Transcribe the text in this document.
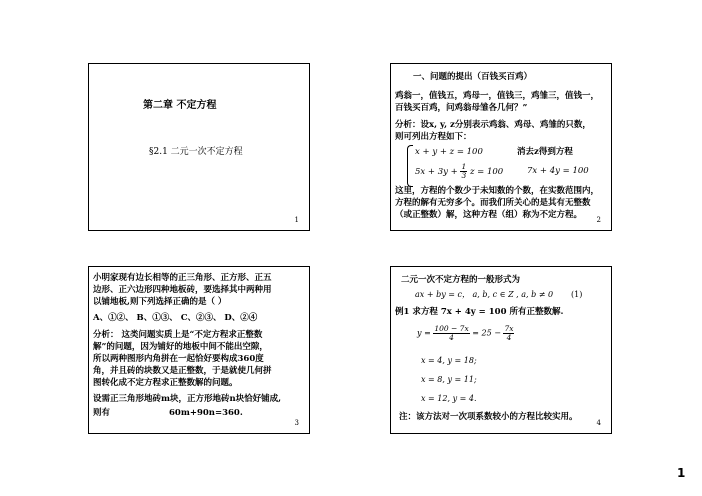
第二章 不定方程
§2.1 二元一次不定方程
1
一、问题的提出（百钱买百鸡）
鸡翁一，值钱五，鸡母一，值钱三，鸡雏三，值钱一，
百钱买百鸡，问鸡翁母雏各几何？”
分析：设x, y, z分别表示鸡翁、鸡母、鸡雏的只数，
则可列出方程如下：
x + y + z = 100
$5x + 3y + \frac{1}{3}$ z = 100
消去z得到方程
7x + 4y = 100
这里，方程的个数少于未知数的个数，在实数范围内，
方程的解有无穷多个。而我们所关心的是其有无整数
（或正整数）解，这种方程（组）称为不定方程。
2
小明家现有边长相等的正三角形、正方形、正五
边形、正六边形四种地板砖，要选择其中两种用
以铺地板,则下列选择正确的是（ ）
A、①②、 B、①③、 C、②③、 D、②④
分析： 这类问题实质上是“不定方程求正整数
解”的问题，因为铺好的地板中间不能出空隙，
所以两种图形内角拼在一起恰好要构成360度
角，并且砖的块数又是正整数，于是就使几何拼
图转化成不定方程求正整数解的问题。
设需正三角形地砖m块，正方形地砖n块恰好铺成,
则有	60m+90n=360.
3
二元一次不定方程的一般形式为
ax + by = c， a, b, c ∈ Z , a, b ≠ 0 (1)
例1 求方程 7x + 4y = 100 所有正整数解.
$y = \frac{100 - 7x}{4} = 25 - \frac{7x}{4}$
x = 4, y = 18;
x = 8, y = 11;
x = 12, y = 4.
注：该方法对一次项系数较小的方程比较实用。
4
1
